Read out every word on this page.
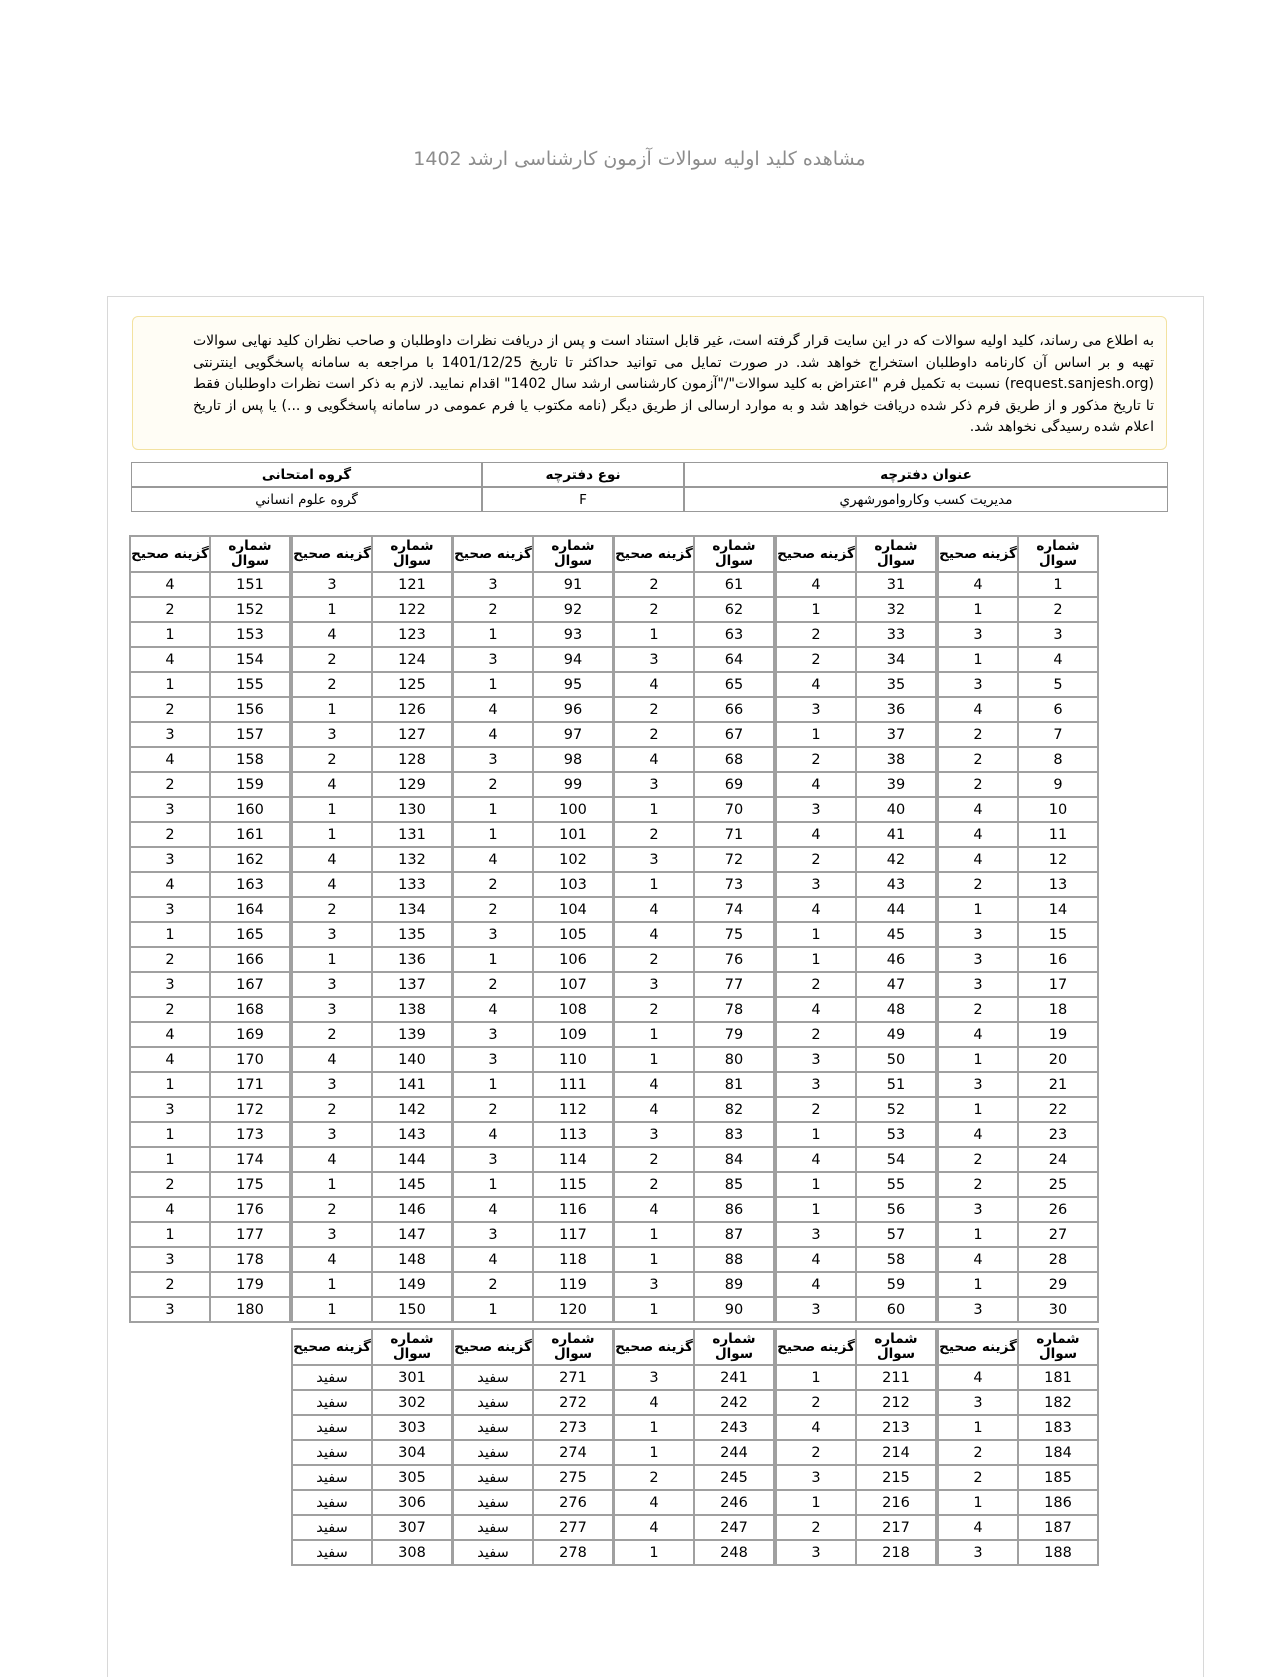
مشاهده کلید اولیه سوالات آزمون کارشناسی ارشد 1402
به اطلاع می رساند، کلید اولیه سوالات که در این سایت قرار گرفته است، غیر قابل استناد است و پس از دریافت نظرات داوطلبان و صاحب نظران کلید نهایی سوالات تهیه و بر اساس آن کارنامه داوطلبان استخراج خواهد شد. در صورت تمایل می توانید حداکثر تا تاریخ 1401/12/25 با مراجعه به سامانه پاسخگویی اینترنتی (request.sanjesh.org) نسبت به تکمیل فرم "اعتراض به کلید سوالات"/"آزمون کارشناسی ارشد سال 1402" اقدام نمایید. لازم به ذکر است نظرات داوطلبان فقط تا تاریخ مذکور و از طریق فرم ذکر شده دریافت خواهد شد و به موارد ارسالی از طریق دیگر (نامه مکتوب یا فرم عمومی در سامانه پاسخگویی و ...) یا پس از تاریخ اعلام شده رسیدگی نخواهد شد.
عنوان دفترچه	نوع دفترچه	گروه امتحانی
مدیریت کسب وکاروامورشهري	F	گروه علوم انساني
شماره سوال	گزینه صحیح
1	4
2	1
3	3
4	1
5	3
6	4
7	2
8	2
9	2
10	4
11	4
12	4
13	2
14	1
15	3
16	3
17	3
18	2
19	4
20	1
21	3
22	1
23	4
24	2
25	2
26	3
27	1
28	4
29	1
30	3
شماره سوال	گزینه صحیح
31	4
32	1
33	2
34	2
35	4
36	3
37	1
38	2
39	4
40	3
41	4
42	2
43	3
44	4
45	1
46	1
47	2
48	4
49	2
50	3
51	3
52	2
53	1
54	4
55	1
56	1
57	3
58	4
59	4
60	3
شماره سوال	گزینه صحیح
61	2
62	2
63	1
64	3
65	4
66	2
67	2
68	4
69	3
70	1
71	2
72	3
73	1
74	4
75	4
76	2
77	3
78	2
79	1
80	1
81	4
82	4
83	3
84	2
85	2
86	4
87	1
88	1
89	3
90	1
شماره سوال	گزینه صحیح
91	3
92	2
93	1
94	3
95	1
96	4
97	4
98	3
99	2
100	1
101	1
102	4
103	2
104	2
105	3
106	1
107	2
108	4
109	3
110	3
111	1
112	2
113	4
114	3
115	1
116	4
117	3
118	4
119	2
120	1
شماره سوال	گزینه صحیح
121	3
122	1
123	4
124	2
125	2
126	1
127	3
128	2
129	4
130	1
131	1
132	4
133	4
134	2
135	3
136	1
137	3
138	3
139	2
140	4
141	3
142	2
143	3
144	4
145	1
146	2
147	3
148	4
149	1
150	1
شماره سوال	گزینه صحیح
151	4
152	2
153	1
154	4
155	1
156	2
157	3
158	4
159	2
160	3
161	2
162	3
163	4
164	3
165	1
166	2
167	3
168	2
169	4
170	4
171	1
172	3
173	1
174	1
175	2
176	4
177	1
178	3
179	2
180	3
شماره سوال	گزینه صحیح
181	4
182	3
183	1
184	2
185	2
186	1
187	4
188	3
شماره سوال	گزینه صحیح
211	1
212	2
213	4
214	2
215	3
216	1
217	2
218	3
شماره سوال	گزینه صحیح
241	3
242	4
243	1
244	1
245	2
246	4
247	4
248	1
شماره سوال	گزینه صحیح
271	سفید
272	سفید
273	سفید
274	سفید
275	سفید
276	سفید
277	سفید
278	سفید
شماره سوال	گزینه صحیح
301	سفید
302	سفید
303	سفید
304	سفید
305	سفید
306	سفید
307	سفید
308	سفید
